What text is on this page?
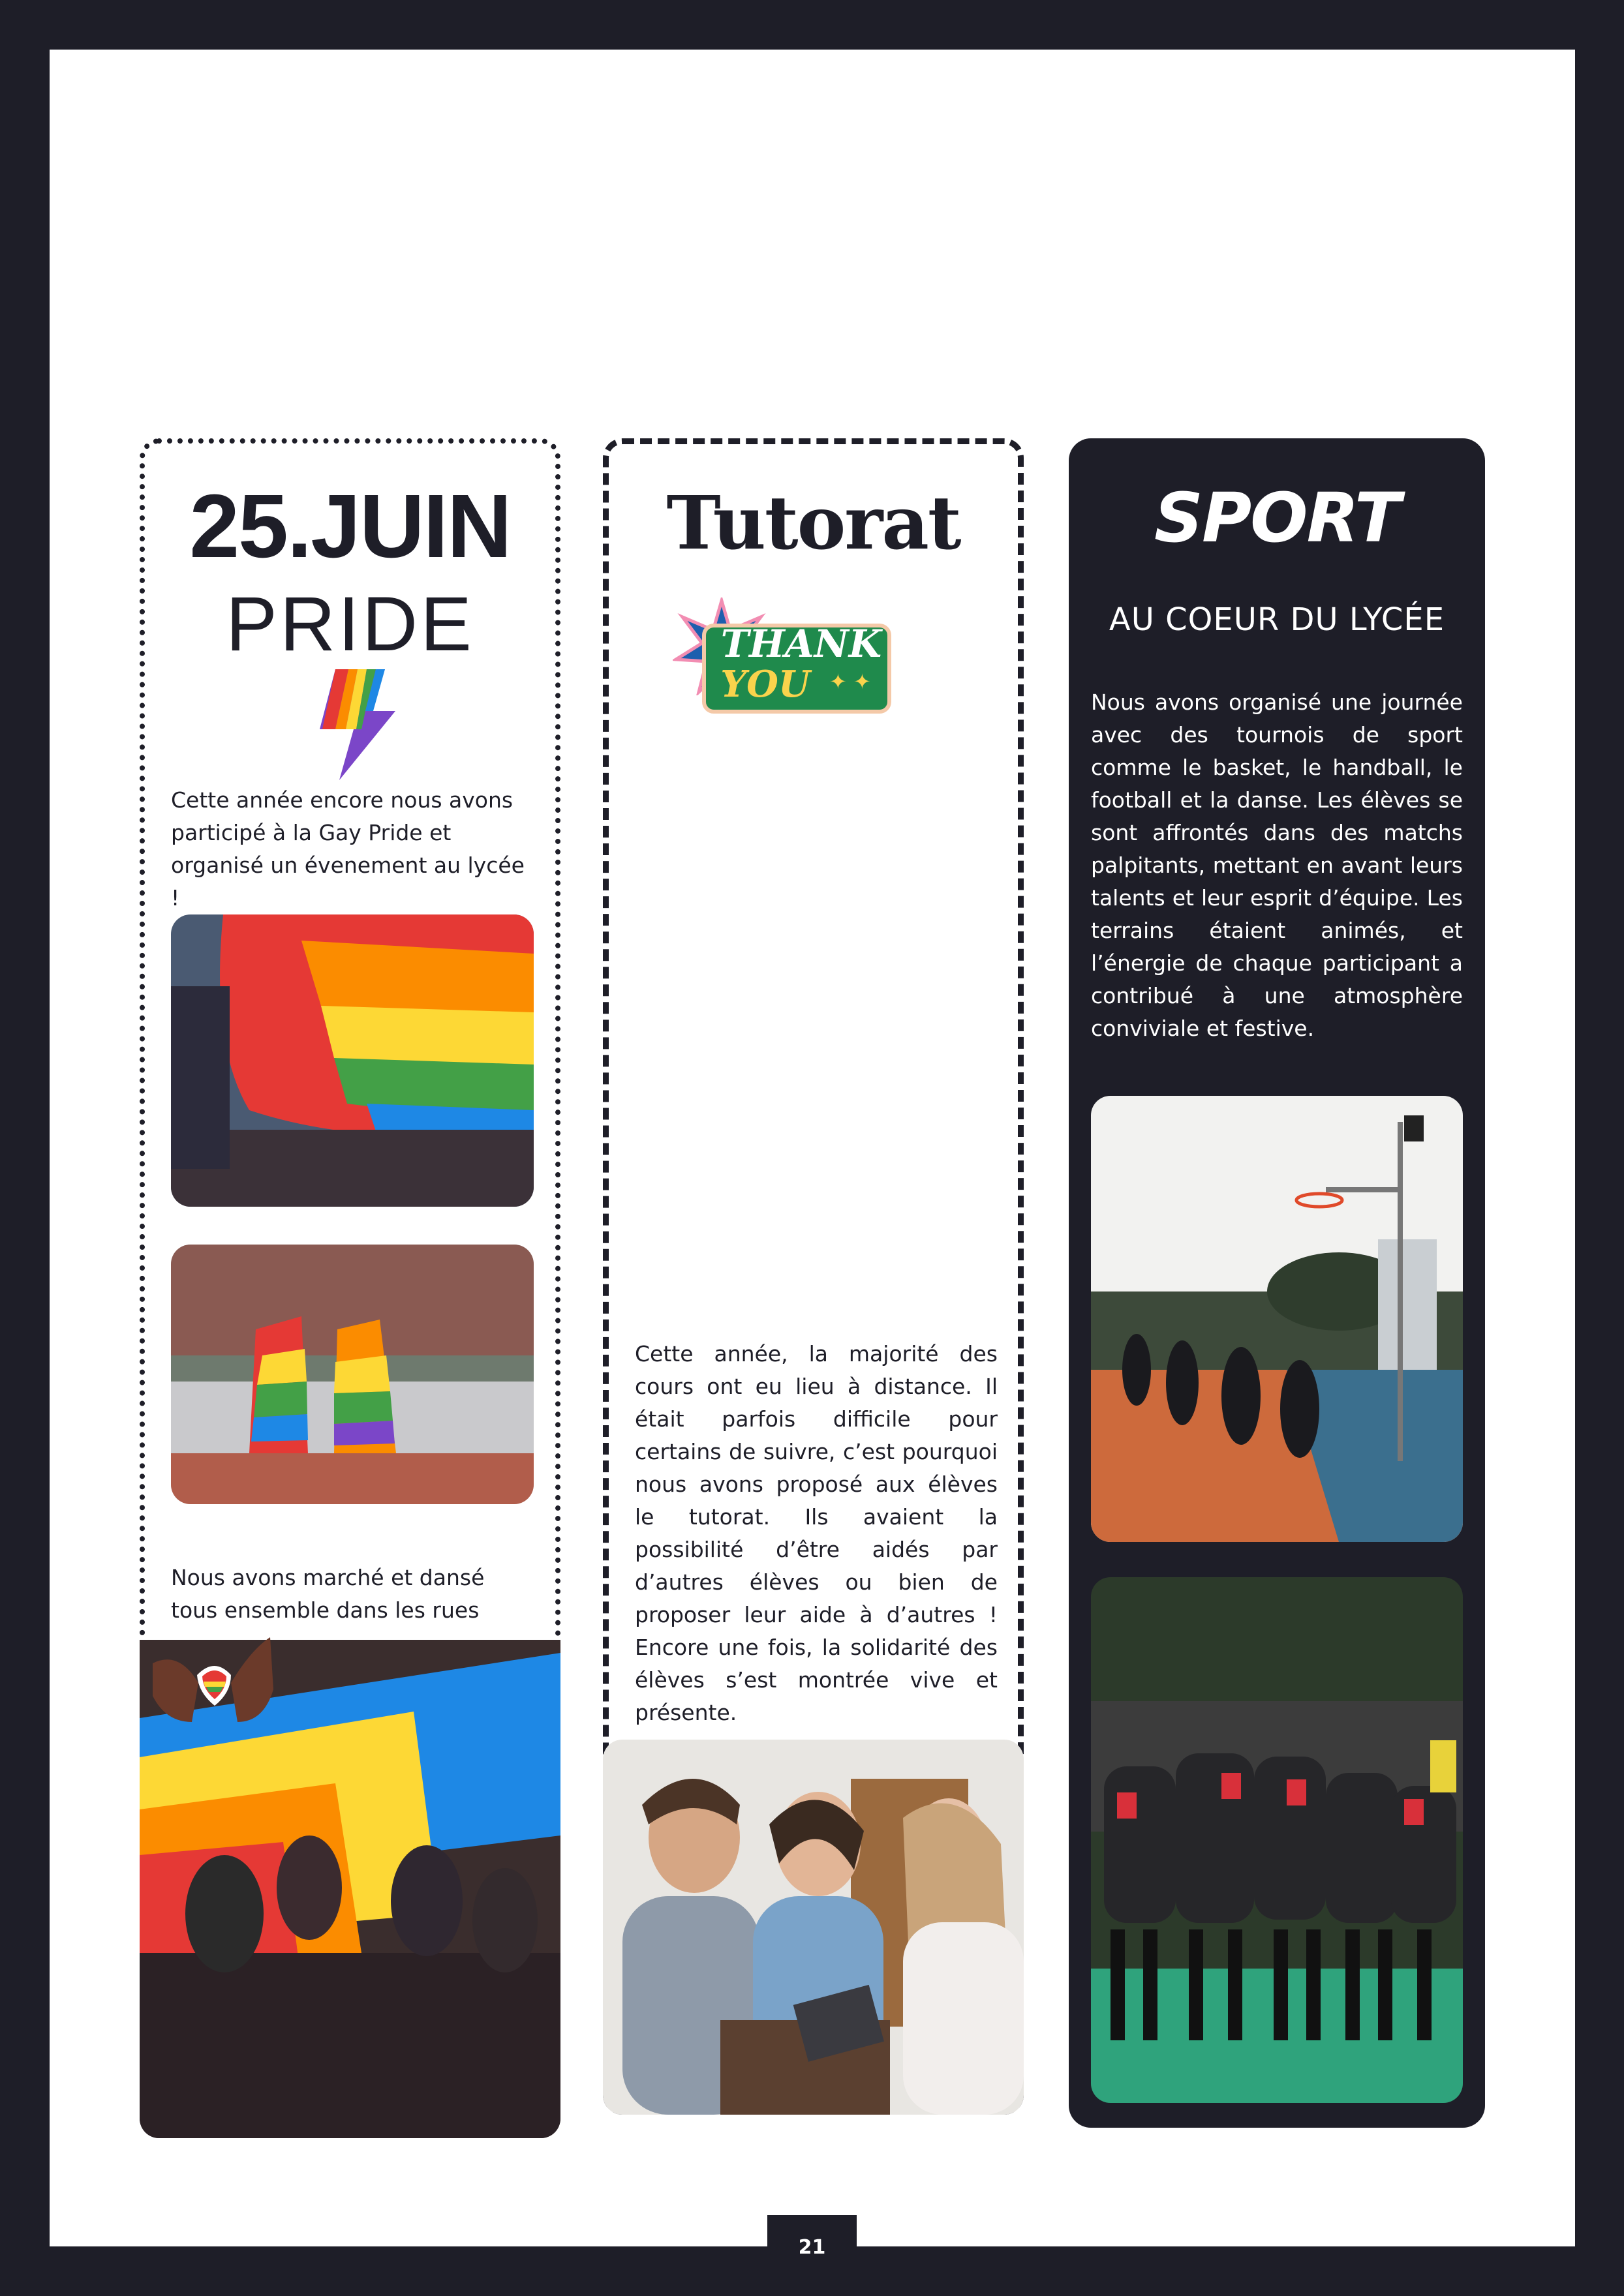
25.JUIN
PRIDE
Cette année encore nous avons participé à la Gay Pride et organisé un évenement au lycée !
Nous avons marché et dansé tous ensemble dans les rues
Tutorat
THANK
YOU ✦ ✦
Cette année, la majorité des cours ont eu lieu à distance. Il était parfois difficile pour certains de suivre, c’est pourquoi nous avons proposé aux élèves le tutorat. Ils avaient la possibilité d’être aidés par d’autres élèves ou bien de proposer leur aide à d’autres ! Encore une fois, la solidarité des élèves s’est montrée vive et présente.
SPORT
AU COEUR DU LYCÉE
Nous avons organisé une journée avec des tournois de sport comme le basket, le handball, le football et la danse. Les élèves se sont affrontés dans des matchs palpitants, mettant en avant leurs talents et leur esprit d’équipe. Les terrains étaient animés, et l’énergie de chaque participant a contribué à une atmosphère conviviale et festive.
21
